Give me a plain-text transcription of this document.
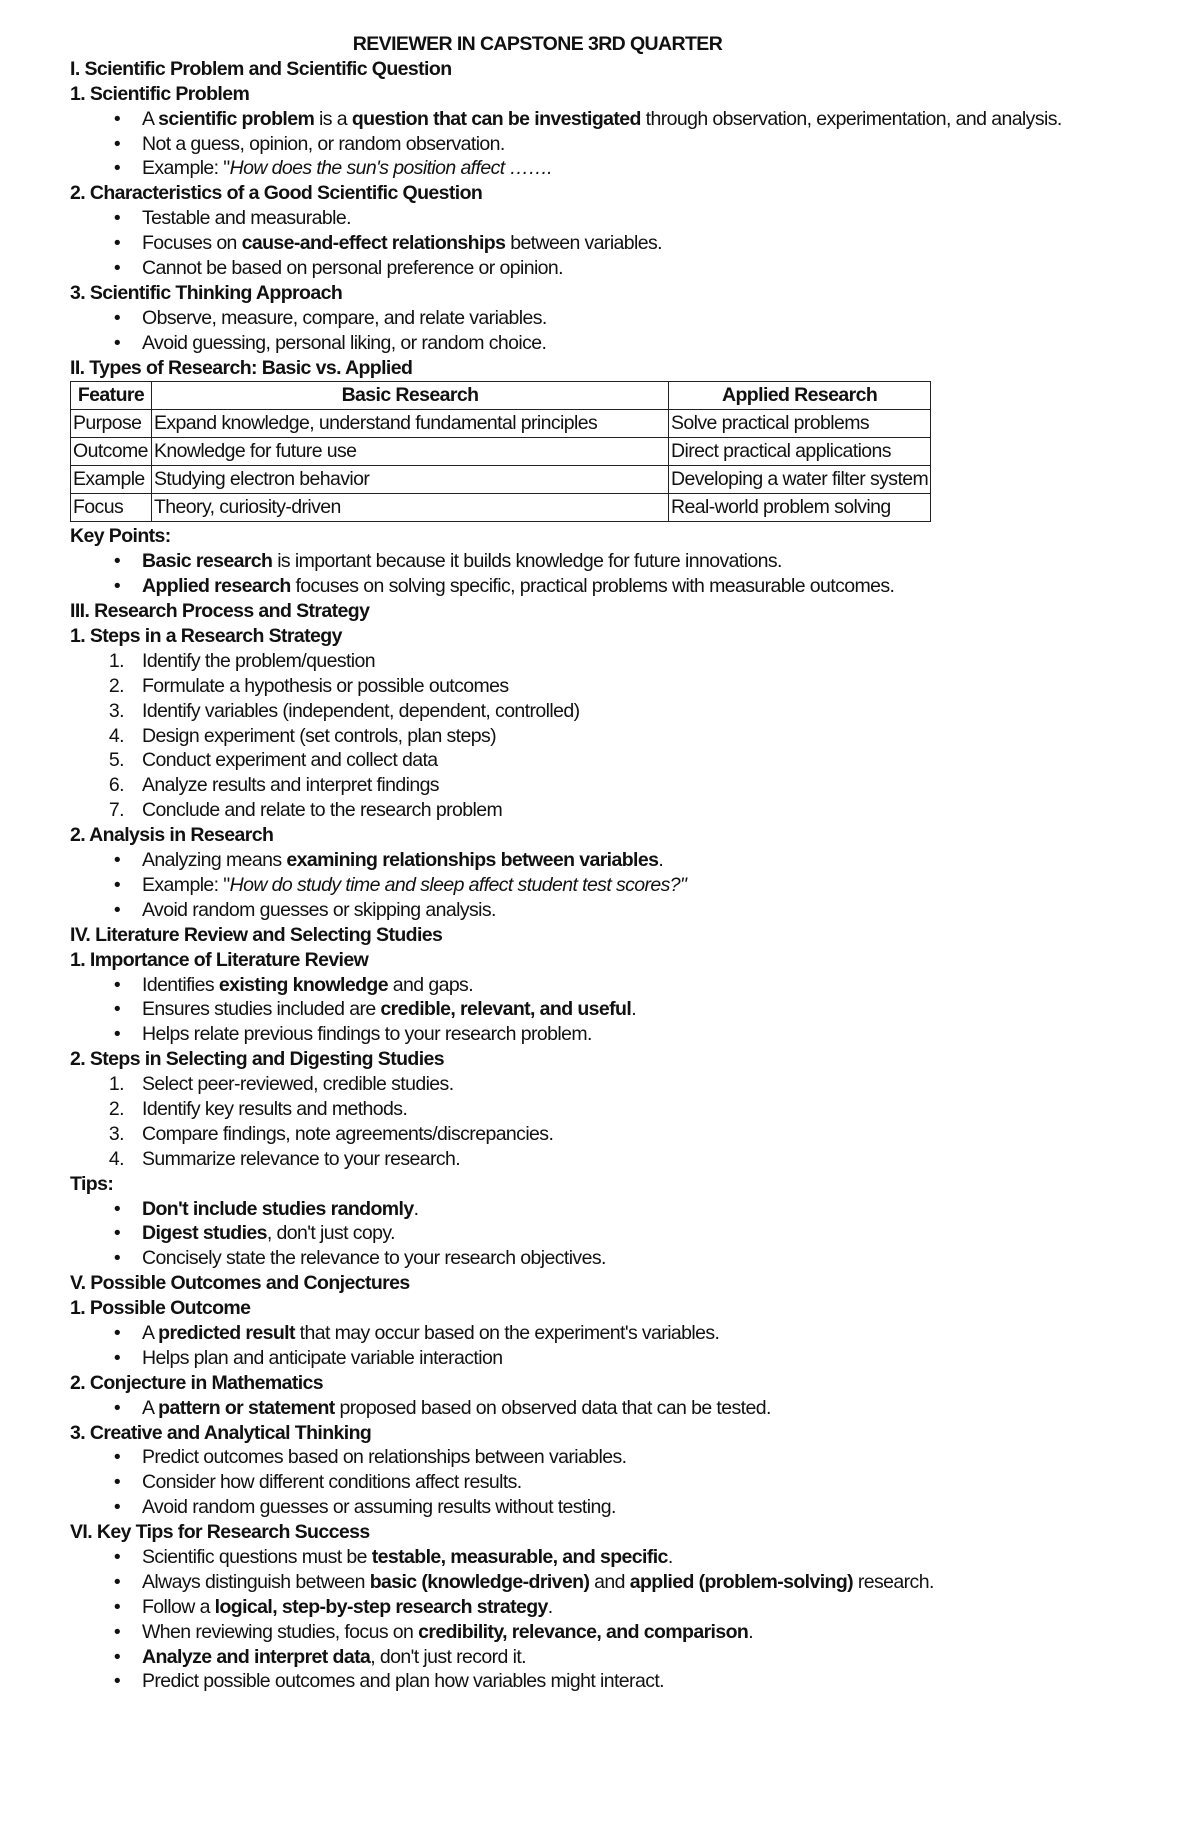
REVIEWER IN CAPSTONE 3RD QUARTER
I. Scientific Problem and Scientific Question
1. Scientific Problem
•	A scientific problem is a question that can be investigated through observation, experimentation, and analysis.
•	Not a guess, opinion, or random observation.
•	Example: "How does the sun's position affect …….
2. Characteristics of a Good Scientific Question
•	Testable and measurable.
•	Focuses on cause-and-effect relationships between variables.
•	Cannot be based on personal preference or opinion.
3. Scientific Thinking Approach
•	Observe, measure, compare, and relate variables.
•	Avoid guessing, personal liking, or random choice.
II. Types of Research: Basic vs. Applied
Feature	Basic Research	Applied Research
Purpose	Expand knowledge, understand fundamental principles	Solve practical problems
Outcome	Knowledge for future use	Direct practical applications
Example	Studying electron behavior	Developing a water filter system
Focus	Theory, curiosity-driven	Real-world problem solving
Key Points:
•	Basic research is important because it builds knowledge for future innovations.
•	Applied research focuses on solving specific, practical problems with measurable outcomes.
III. Research Process and Strategy
1. Steps in a Research Strategy
1. Identify the problem/question
2. Formulate a hypothesis or possible outcomes
3. Identify variables (independent, dependent, controlled)
4. Design experiment (set controls, plan steps)
5. Conduct experiment and collect data
6. Analyze results and interpret findings
7. Conclude and relate to the research problem
2. Analysis in Research
•	Analyzing means examining relationships between variables.
•	Example: "How do study time and sleep affect student test scores?"
•	Avoid random guesses or skipping analysis.
IV. Literature Review and Selecting Studies
1. Importance of Literature Review
•	Identifies existing knowledge and gaps.
•	Ensures studies included are credible, relevant, and useful.
•	Helps relate previous findings to your research problem.
2. Steps in Selecting and Digesting Studies
1. Select peer-reviewed, credible studies.
2. Identify key results and methods.
3. Compare findings, note agreements/discrepancies.
4. Summarize relevance to your research.
Tips:
•	Don't include studies randomly.
•	Digest studies, don't just copy.
•	Concisely state the relevance to your research objectives.
V. Possible Outcomes and Conjectures
1. Possible Outcome
•	A predicted result that may occur based on the experiment's variables.
•	Helps plan and anticipate variable interaction
2. Conjecture in Mathematics
•	A pattern or statement proposed based on observed data that can be tested.
3. Creative and Analytical Thinking
•	Predict outcomes based on relationships between variables.
•	Consider how different conditions affect results.
•	Avoid random guesses or assuming results without testing.
VI. Key Tips for Research Success
•	Scientific questions must be testable, measurable, and specific.
•	Always distinguish between basic (knowledge-driven) and applied (problem-solving) research.
•	Follow a logical, step-by-step research strategy.
•	When reviewing studies, focus on credibility, relevance, and comparison.
•	Analyze and interpret data, don't just record it.
•	Predict possible outcomes and plan how variables might interact.
